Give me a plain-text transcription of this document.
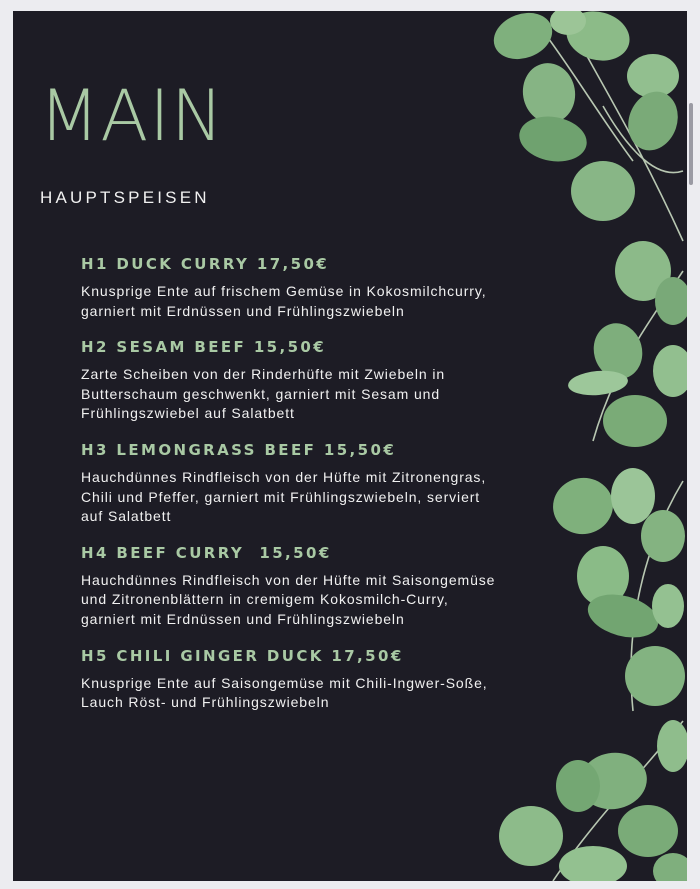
MAIN
HAUPTSPEISEN
H1 DUCK CURRY 17,50€
Knusprige Ente auf frischem Gemüse in Kokosmilchcurry, garniert mit Erdnüssen und Frühlingszwiebeln
H2 SESAM BEEF 15,50€
Zarte Scheiben von der Rinderhüfte mit Zwiebeln in Butterschaum geschwenkt, garniert mit Sesam und Frühlingszwiebel auf Salatbett
H3 LEMONGRASS BEEF 15,50€
Hauchdünnes Rindfleisch von der Hüfte mit Zitronengras, Chili und Pfeffer, garniert mit Frühlingszwiebeln, serviert auf Salatbett
H4 BEEF CURRY  15,50€
Hauchdünnes Rindfleisch von der Hüfte mit Saisongemüse und Zitronenblättern in cremigem Kokosmilch-Curry, garniert mit Erdnüssen und Frühlingszwiebeln
H5 CHILI GINGER DUCK 17,50€
Knusprige Ente auf Saisongemüse mit Chili-Ingwer-Soße, Lauch Röst- und Frühlingszwiebeln
